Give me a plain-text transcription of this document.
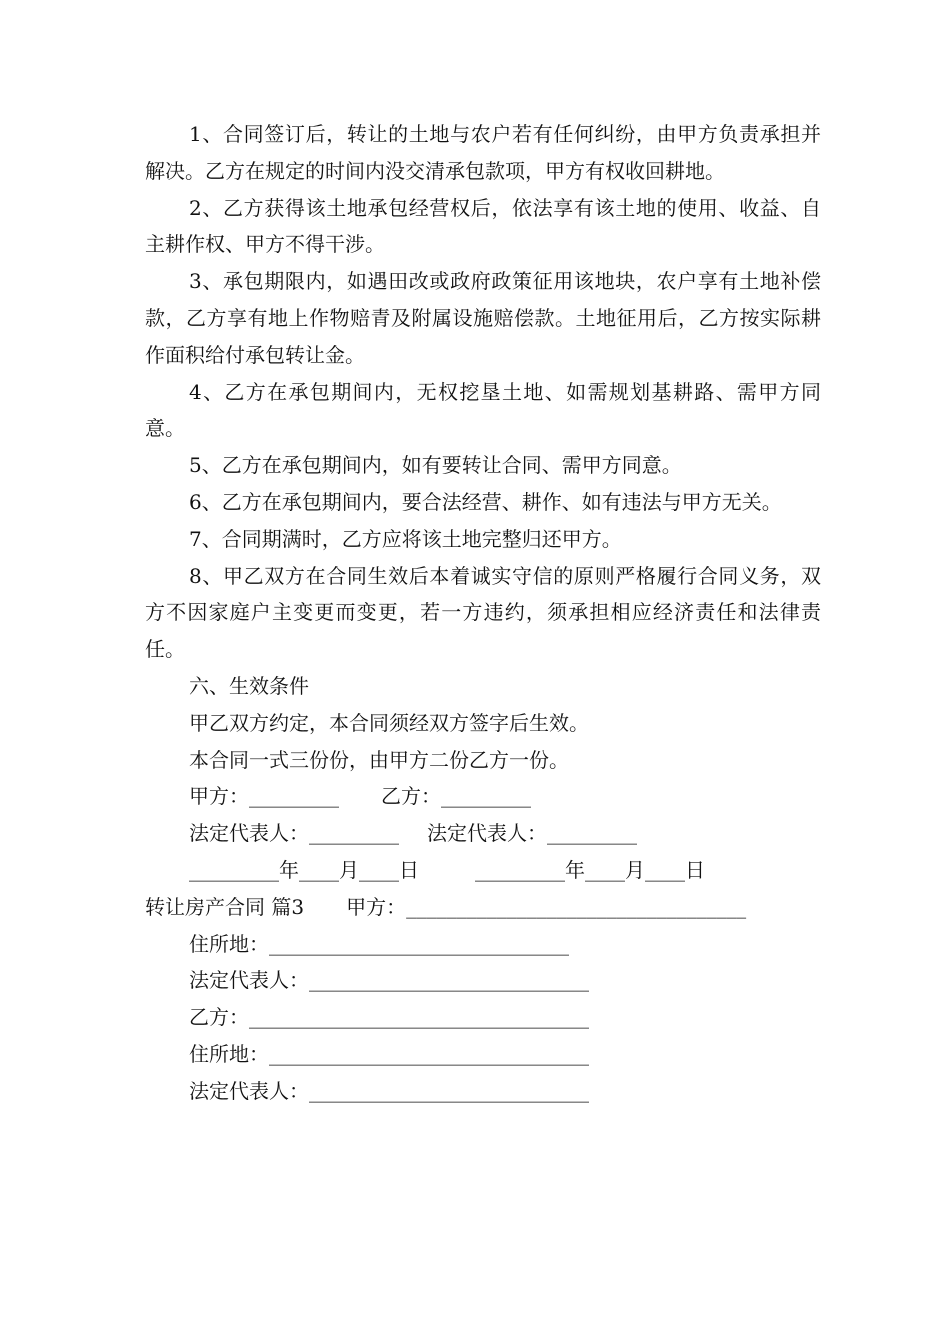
1、合同签订后，转让的土地与农户若有任何纠纷，由甲方负责承担并解决。乙方在规定的时间内没交清承包款项，甲方有权收回耕地。

2、乙方获得该土地承包经营权后，依法享有该土地的使用、收益、自主耕作权、甲方不得干涉。

3、承包期限内，如遇田改或政府政策征用该地块，农户享有土地补偿款，乙方享有地上作物赔青及附属设施赔偿款。土地征用后，乙方按实际耕作面积给付承包转让金。

4、乙方在承包期间内，无权挖垦土地、如需规划基耕路、需甲方同意。

5、乙方在承包期间内，如有要转让合同、需甲方同意。

6、乙方在承包期间内，要合法经营、耕作、如有违法与甲方无关。

7、合同期满时，乙方应将该土地完整归还甲方。

8、甲乙双方在合同生效后本着诚实守信的原则严格履行合同义务，双方不因家庭户主变更而变更，若一方违约，须承担相应经济责任和法律责任。

六、生效条件

甲乙双方约定，本合同须经双方签字后生效。

本合同一式三份份，由甲方二份乙方一份。

甲方：_________ 乙方：_________

法定代表人：_________ 法定代表人：_________

_________年____月____日	_________年____月____日

转让房产合同 篇3 甲方：__________________________________

住所地：______________________________

法定代表人：____________________________

乙方：__________________________________

住所地：________________________________

法定代表人：____________________________
